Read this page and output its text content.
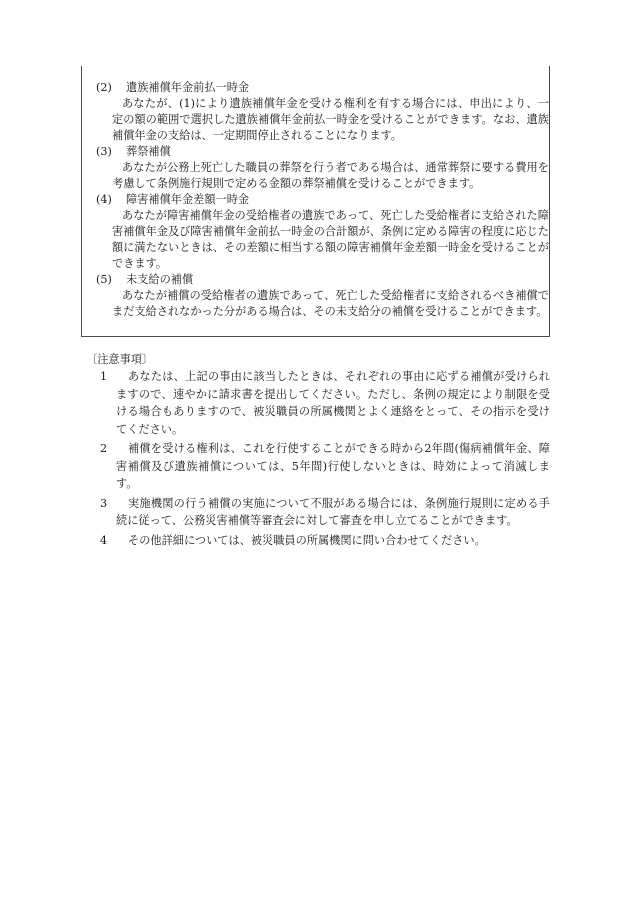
(2)	遺族補償年金前払一時金
あなたが、(1)により遺族補償年金を受ける権利を有する場合には、申出により、一定の額の範囲で選択した遺族補償年金前払一時金を受けることができます。なお、遺族補償年金の支給は、一定期間停止されることになります。
(3)	葬祭補償
あなたが公務上死亡した職員の葬祭を行う者である場合は、通常葬祭に要する費用を考慮して条例施行規則で定める金額の葬祭補償を受けることができます。
(4)	障害補償年金差額一時金
あなたが障害補償年金の受給権者の遺族であって、死亡した受給権者に支給された障害補償年金及び障害補償年金前払一時金の合計額が、条例に定める障害の程度に応じた額に満たないときは、その差額に相当する額の障害補償年金差額一時金を受けることができます。
(5)	未支給の補償
あなたが補償の受給権者の遺族であって、死亡した受給権者に支給されるべき補償でまだ支給されなかった分がある場合は、その未支給分の補償を受けることができます。
〔注意事項〕
1	あなたは、上記の事由に該当したときは、それぞれの事由に応ずる補償が受けられますので、速やかに請求書を提出してください。ただし、条例の規定により制限を受ける場合もありますので、被災職員の所属機関とよく連絡をとって、その指示を受けてください。
2	補償を受ける権利は、これを行使することができる時から2年間(傷病補償年金、障害補償及び遺族補償については、5年間)行使しないときは、時効によって消滅します。
3	実施機関の行う補償の実施について不服がある場合には、条例施行規則に定める手続に従って、公務災害補償等審査会に対して審査を申し立てることができます。
4	その他詳細については、被災職員の所属機関に問い合わせてください。
